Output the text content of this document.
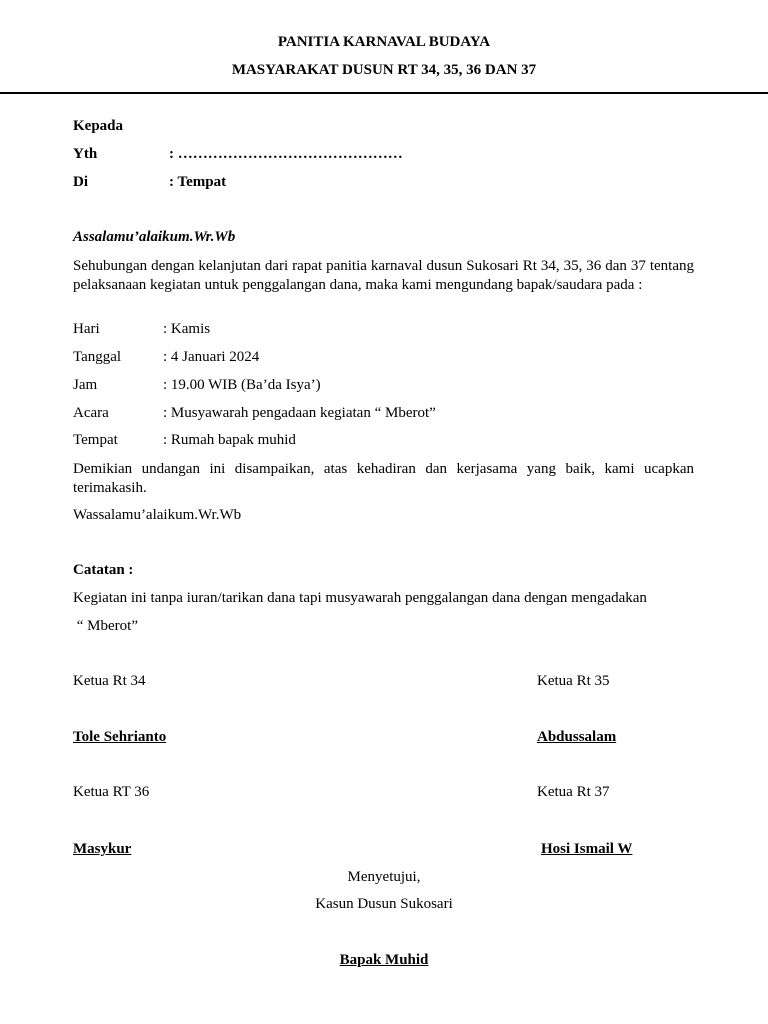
PANITIA KARNAVAL BUDAYA
MASYARAKAT DUSUN RT 34, 35, 36 DAN 37
Kepada
Yth	: ………………………………………
Di	: Tempat
Assalamu’alaikum.Wr.Wb
Sehubungan dengan kelanjutan dari rapat panitia karnaval dusun Sukosari Rt 34, 35, 36 dan 37 tentang pelaksanaan kegiatan untuk penggalangan dana, maka kami mengundang bapak/saudara pada :
Hari	: Kamis
Tanggal	: 4 Januari 2024
Jam	: 19.00 WIB (Ba’da Isya’)
Acara	: Musyawarah pengadaan kegiatan “ Mberot”
Tempat	: Rumah bapak muhid
Demikian undangan ini disampaikan, atas kehadiran dan kerjasama yang baik, kami ucapkan terimakasih.
Wassalamu’alaikum.Wr.Wb
Catatan :
Kegiatan ini tanpa iuran/tarikan dana tapi musyawarah penggalangan dana dengan mengadakan
“ Mberot”
Ketua Rt 34	Ketua Rt 35
Tole Sehrianto	Abdussalam
Ketua RT 36	Ketua Rt 37
Masykur	Hosi Ismail W
Menyetujui,
Kasun Dusun Sukosari
Bapak Muhid
